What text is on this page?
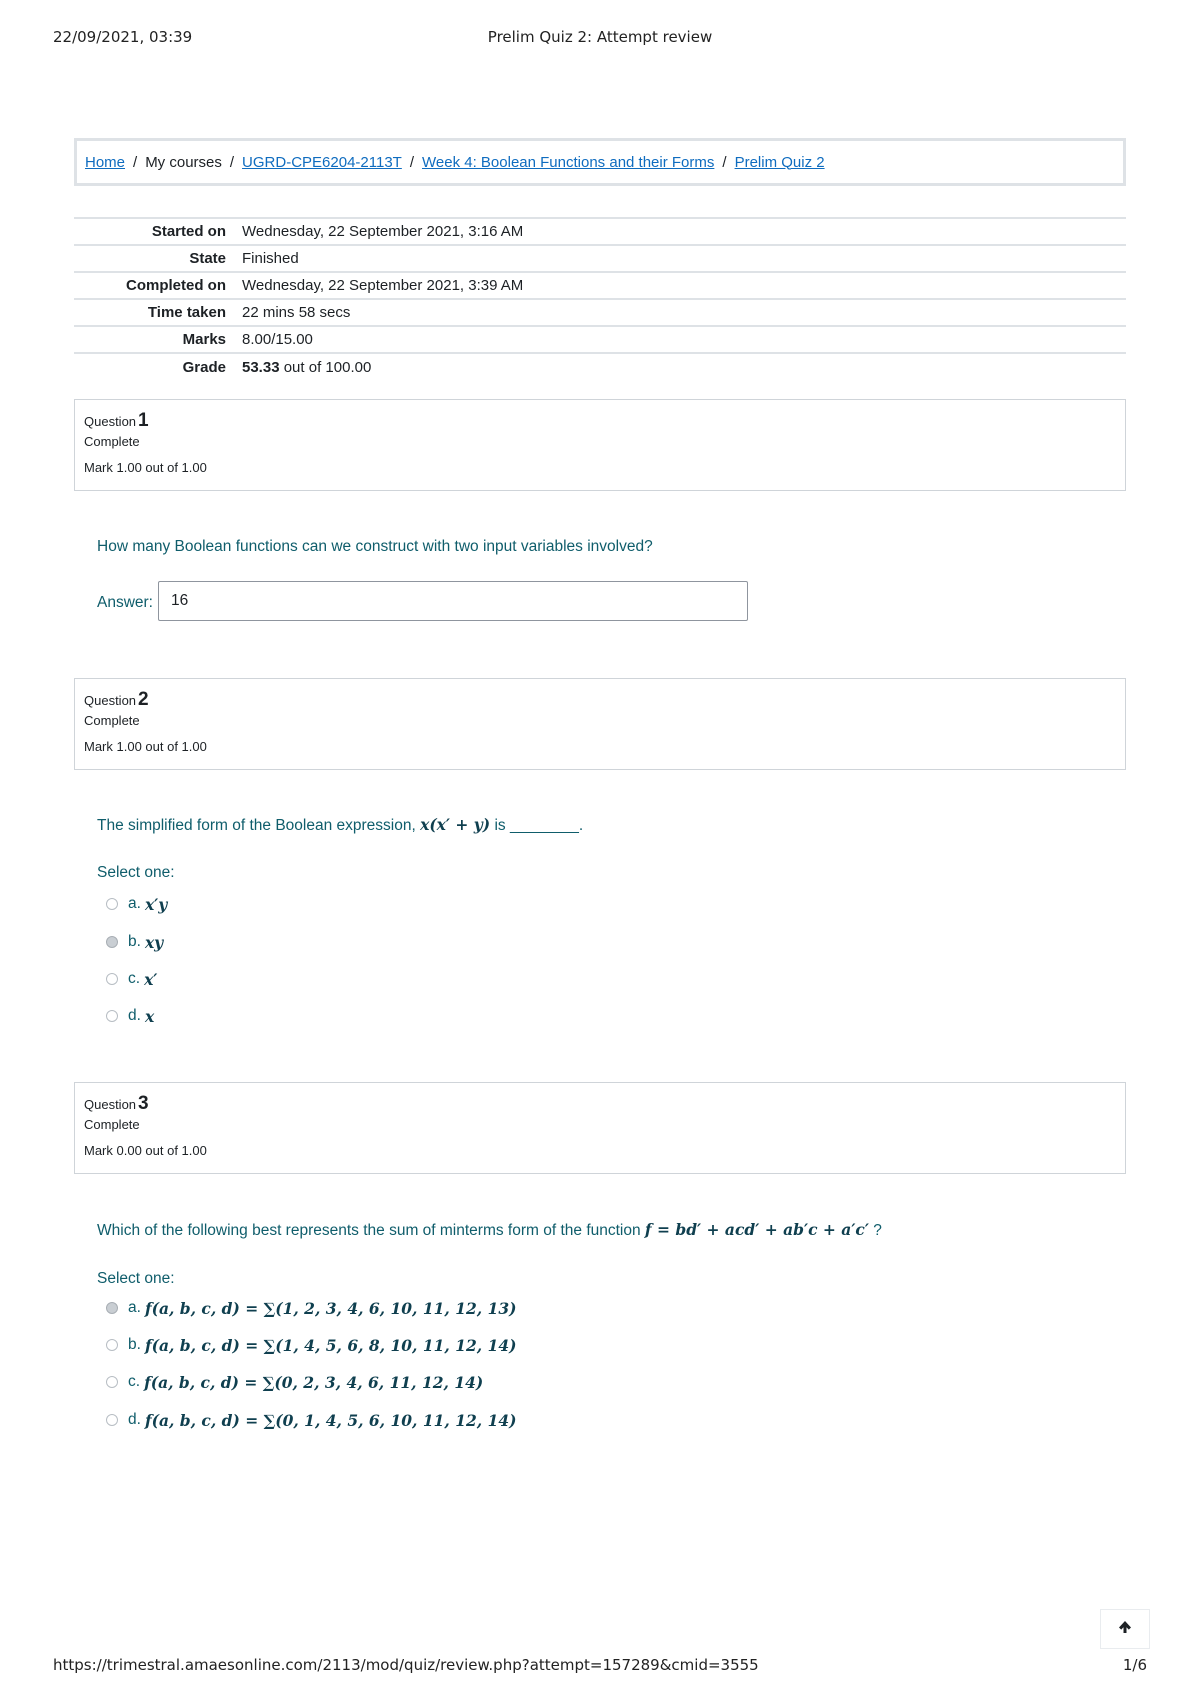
22/09/2021, 03:39	Prelim Quiz 2: Attempt review
Home / My courses / UGRD-CPE6204-2113T / Week 4: Boolean Functions and their Forms / Prelim Quiz 2
Started on	Wednesday, 22 September 2021, 3:16 AM
State	Finished
Completed on	Wednesday, 22 September 2021, 3:39 AM
Time taken	22 mins 58 secs
Marks	8.00/15.00
Grade	53.33 out of 100.00
Question 1
Complete
Mark 1.00 out of 1.00
How many Boolean functions can we construct with two input variables involved?
Answer:
16
Question 2
Complete
Mark 1.00 out of 1.00
The simplified form of the Boolean expression, x(x′ + y) is ________.
Select one:
a. x′y
b. xy
c. x′
d. x
Question 3
Complete
Mark 0.00 out of 1.00
Which of the following best represents the sum of minterms form of the function f = bd′ + acd′ + ab′c + a′c′ ?
Select one:
a. f(a, b, c, d) = ∑(1, 2, 3, 4, 6, 10, 11, 12, 13)
b. f(a, b, c, d) = ∑(1, 4, 5, 6, 8, 10, 11, 12, 14)
c. f(a, b, c, d) = ∑(0, 2, 3, 4, 6, 11, 12, 14)
d. f(a, b, c, d) = ∑(0, 1, 4, 5, 6, 10, 11, 12, 14)
https://trimestral.amaesonline.com/2113/mod/quiz/review.php?attempt=157289&cmid=3555	1/6
